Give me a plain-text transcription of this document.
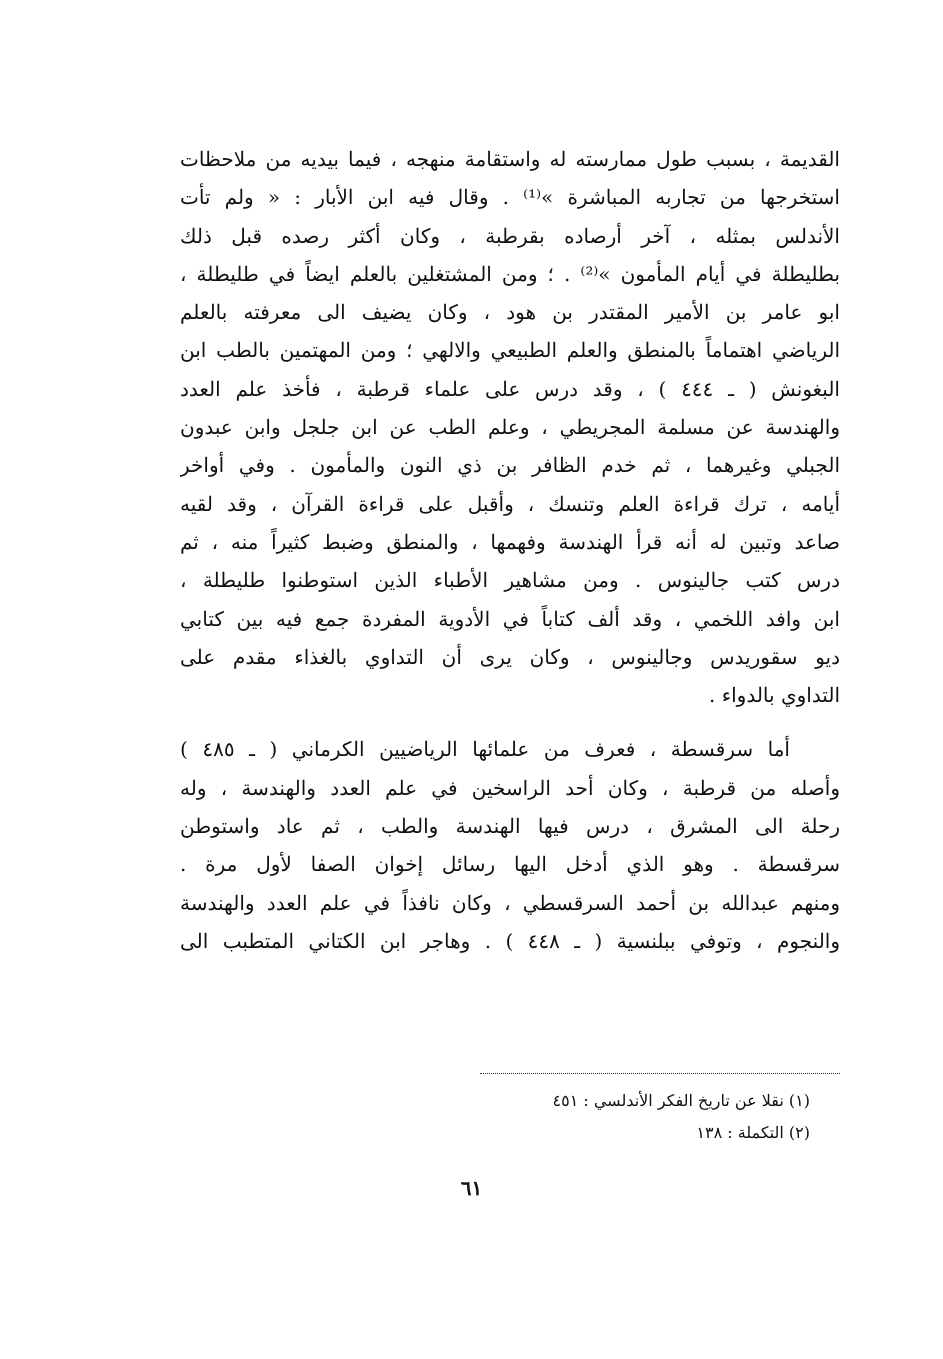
القديمة ، بسبب طول ممارسته له واستقامة منهجه ، فيما بيديه من ملاحظات
استخرجها من تجاربه المباشرة »⁽¹⁾ . وقال فيه ابن الأبار : « ولم تأت
الأندلس بمثله ، آخر أرصاده بقرطبة ، وكان أكثر رصده قبل ذلك
بطليطلة في أيام المأمون »⁽²⁾ . ؛ ومن المشتغلين بالعلم ايضاً في طليطلة ،
ابو عامر بن الأمير المقتدر بن هود ، وكان يضيف الى معرفته بالعلم
الرياضي اهتماماً بالمنطق والعلم الطبيعي والالهي ؛ ومن المهتمين بالطب ابن
البغونش ( ـ ٤٤٤ ) ، وقد درس على علماء قرطبة ، فأخذ علم العدد
والهندسة عن مسلمة المجريطي ، وعلم الطب عن ابن جلجل وابن عبدون
الجبلي وغيرهما ، ثم خدم الظافر بن ذي النون والمأمون . وفي أواخر
أيامه ، ترك قراءة العلم وتنسك ، وأقبل على قراءة القرآن ، وقد لقيه
صاعد وتبين له أنه قرأ الهندسة وفهمها ، والمنطق وضبط كثيراً منه ، ثم
درس كتب جالينوس . ومن مشاهير الأطباء الذين استوطنوا طليطلة ،
ابن وافد اللخمي ، وقد ألف كتاباً في الأدوية المفردة جمع فيه بين كتابي
ديو سقوريدس وجالينوس ، وكان يرى أن التداوي بالغذاء مقدم على
التداوي بالدواء .
أما سرقسطة ، فعرف من علمائها الرياضيين الكرماني ( ـ ٤٨٥ )
وأصله من قرطبة ، وكان أحد الراسخين في علم العدد والهندسة ، وله
رحلة الى المشرق ، درس فيها الهندسة والطب ، ثم عاد واستوطن
سرقسطة . وهو الذي أدخل اليها رسائل إخوان الصفا لأول مرة .
ومنهم عبدالله بن أحمد السرقسطي ، وكان نافذاً في علم العدد والهندسة
والنجوم ، وتوفي ببلنسية ( ـ ٤٤٨ ) . وهاجر ابن الكتاني المتطبب الى
(١) نقلا عن تاريخ الفكر الأندلسي : ٤٥١
(٢) التكملة : ١٣٨
٦١
